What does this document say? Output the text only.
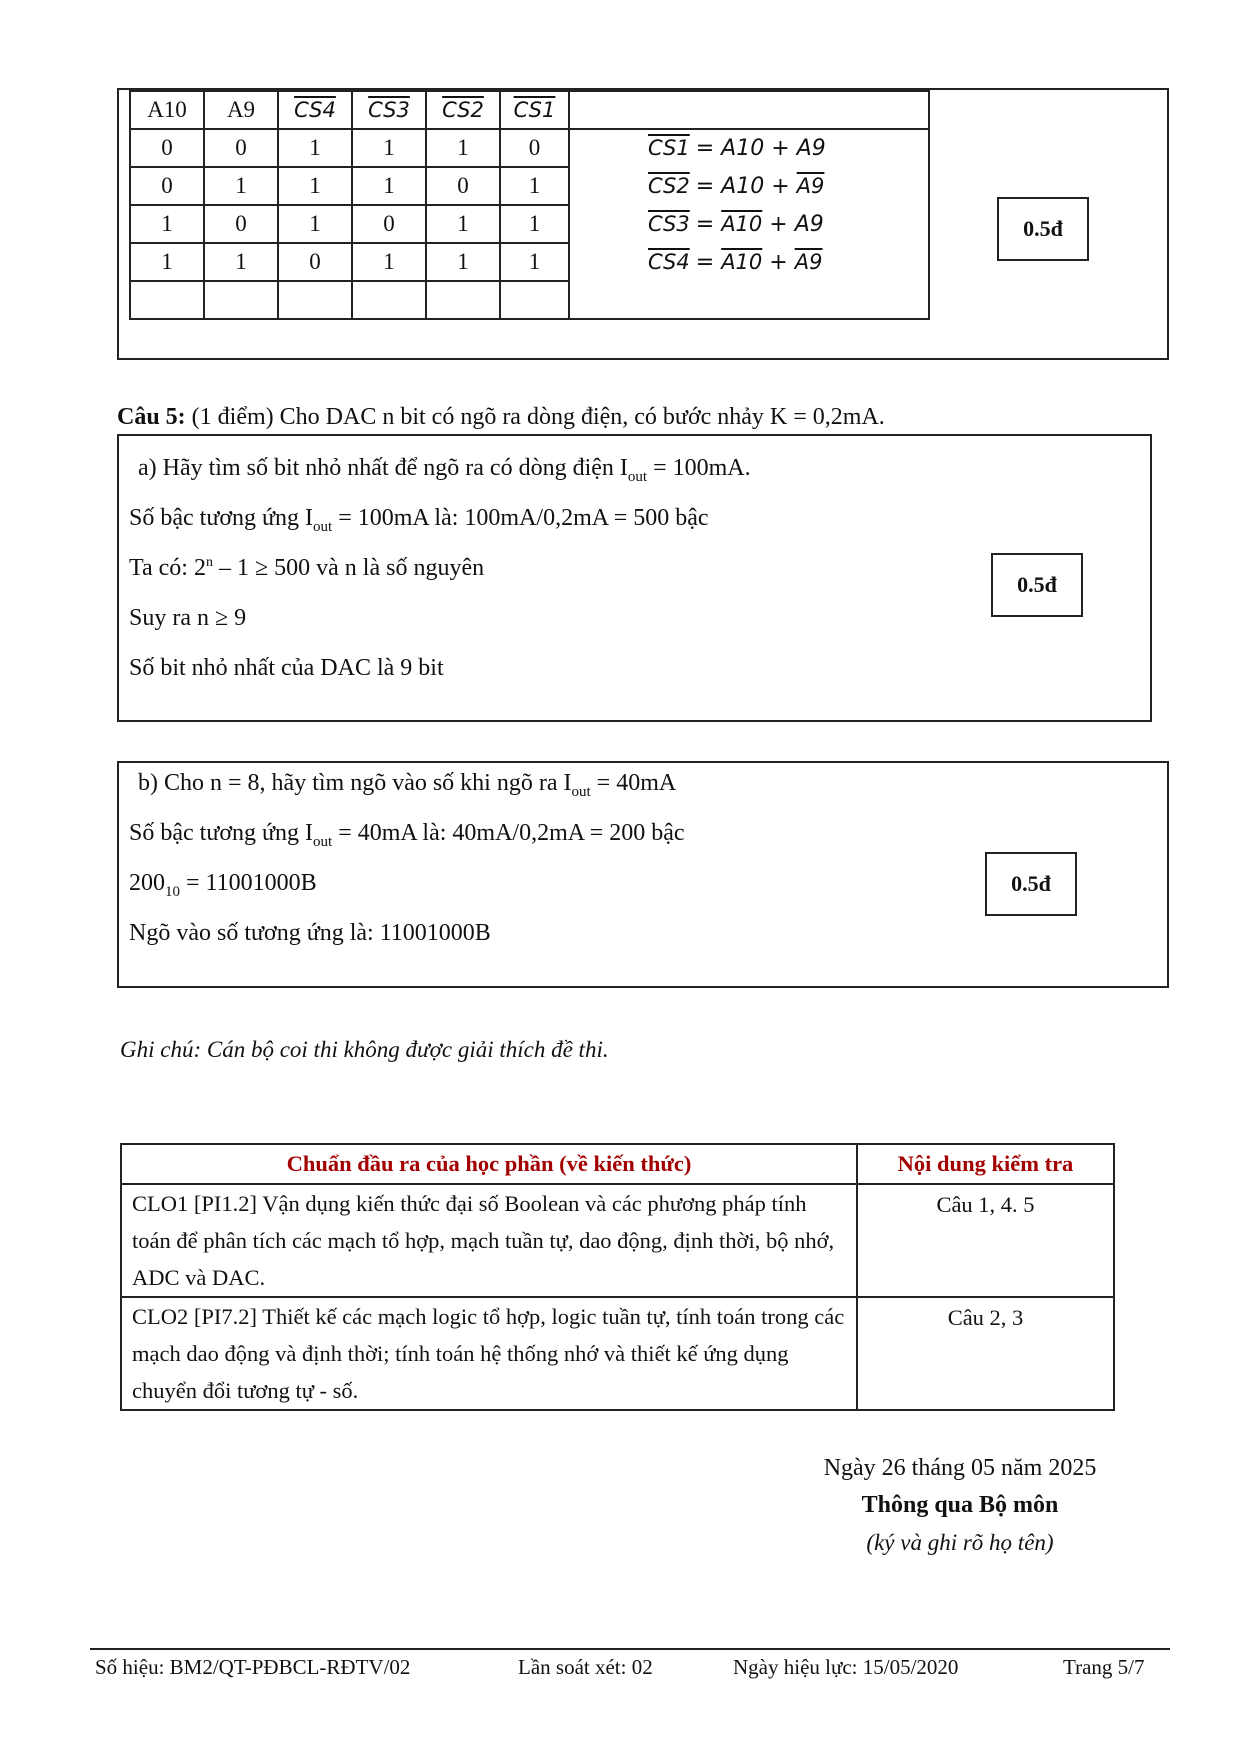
A10	A9	CS4	CS3	CS2	CS1	
0	0	1	1	1	0	
0	1	1	1	0	1	
1	0	1	0	1	1	
1	1	0	1	1	1	

CS1 = A10 + A9
CS2 = A10 + A9
CS3 = A10 + A9
CS4 = A10 + A9
0.5đ
Câu 5: (1 điểm) Cho DAC n bit có ngõ ra dòng điện, có bước nhảy K = 0,2mA.
a) Hãy tìm số bit nhỏ nhất để ngõ ra có dòng điện $I_{out} = 100mA$.
Số bậc tương ứng $I_{out} = 100mA$ là: 100mA/0,2mA = 500 bậc
Ta có: 2$^n$ – 1 ≥ 500 và n là số nguyên
Suy ra n ≥ 9
Số bit nhỏ nhất của DAC là 9 bit
0.5đ
b) Cho n = 8, hãy tìm ngõ vào số khi ngõ ra $I_{out} = 40mA$
Số bậc tương ứng $I_{out} = 40mA$ là: 40mA/0,2mA = 200 bậc
$200_{10} = 11001000B$
Ngõ vào số tương ứng là: 11001000B
0.5đ
Ghi chú: Cán bộ coi thi không được giải thích đề thi.
Chuẩn đầu ra của học phần (về kiến thức)	Nội dung kiểm tra
CLO1 [PI1.2] Vận dụng kiến thức đại số Boolean và các phương pháp tính toán để phân tích các mạch tổ hợp, mạch tuần tự, dao động, định thời, bộ nhớ, ADC và DAC.	Câu 1, 4. 5
CLO2 [PI7.2] Thiết kế các mạch logic tổ hợp, logic tuần tự, tính toán trong các mạch dao động và định thời; tính toán hệ thống nhớ và thiết kế ứng dụng chuyển đổi tương tự - số.	Câu 2, 3
Ngày 26 tháng 05 năm 2025
Thông qua Bộ môn
(ký và ghi rõ họ tên)
Số hiệu: BM2/QT-PĐBCL-RĐTV/02	Lần soát xét: 02	Ngày hiệu lực: 15/05/2020	Trang 5/7
